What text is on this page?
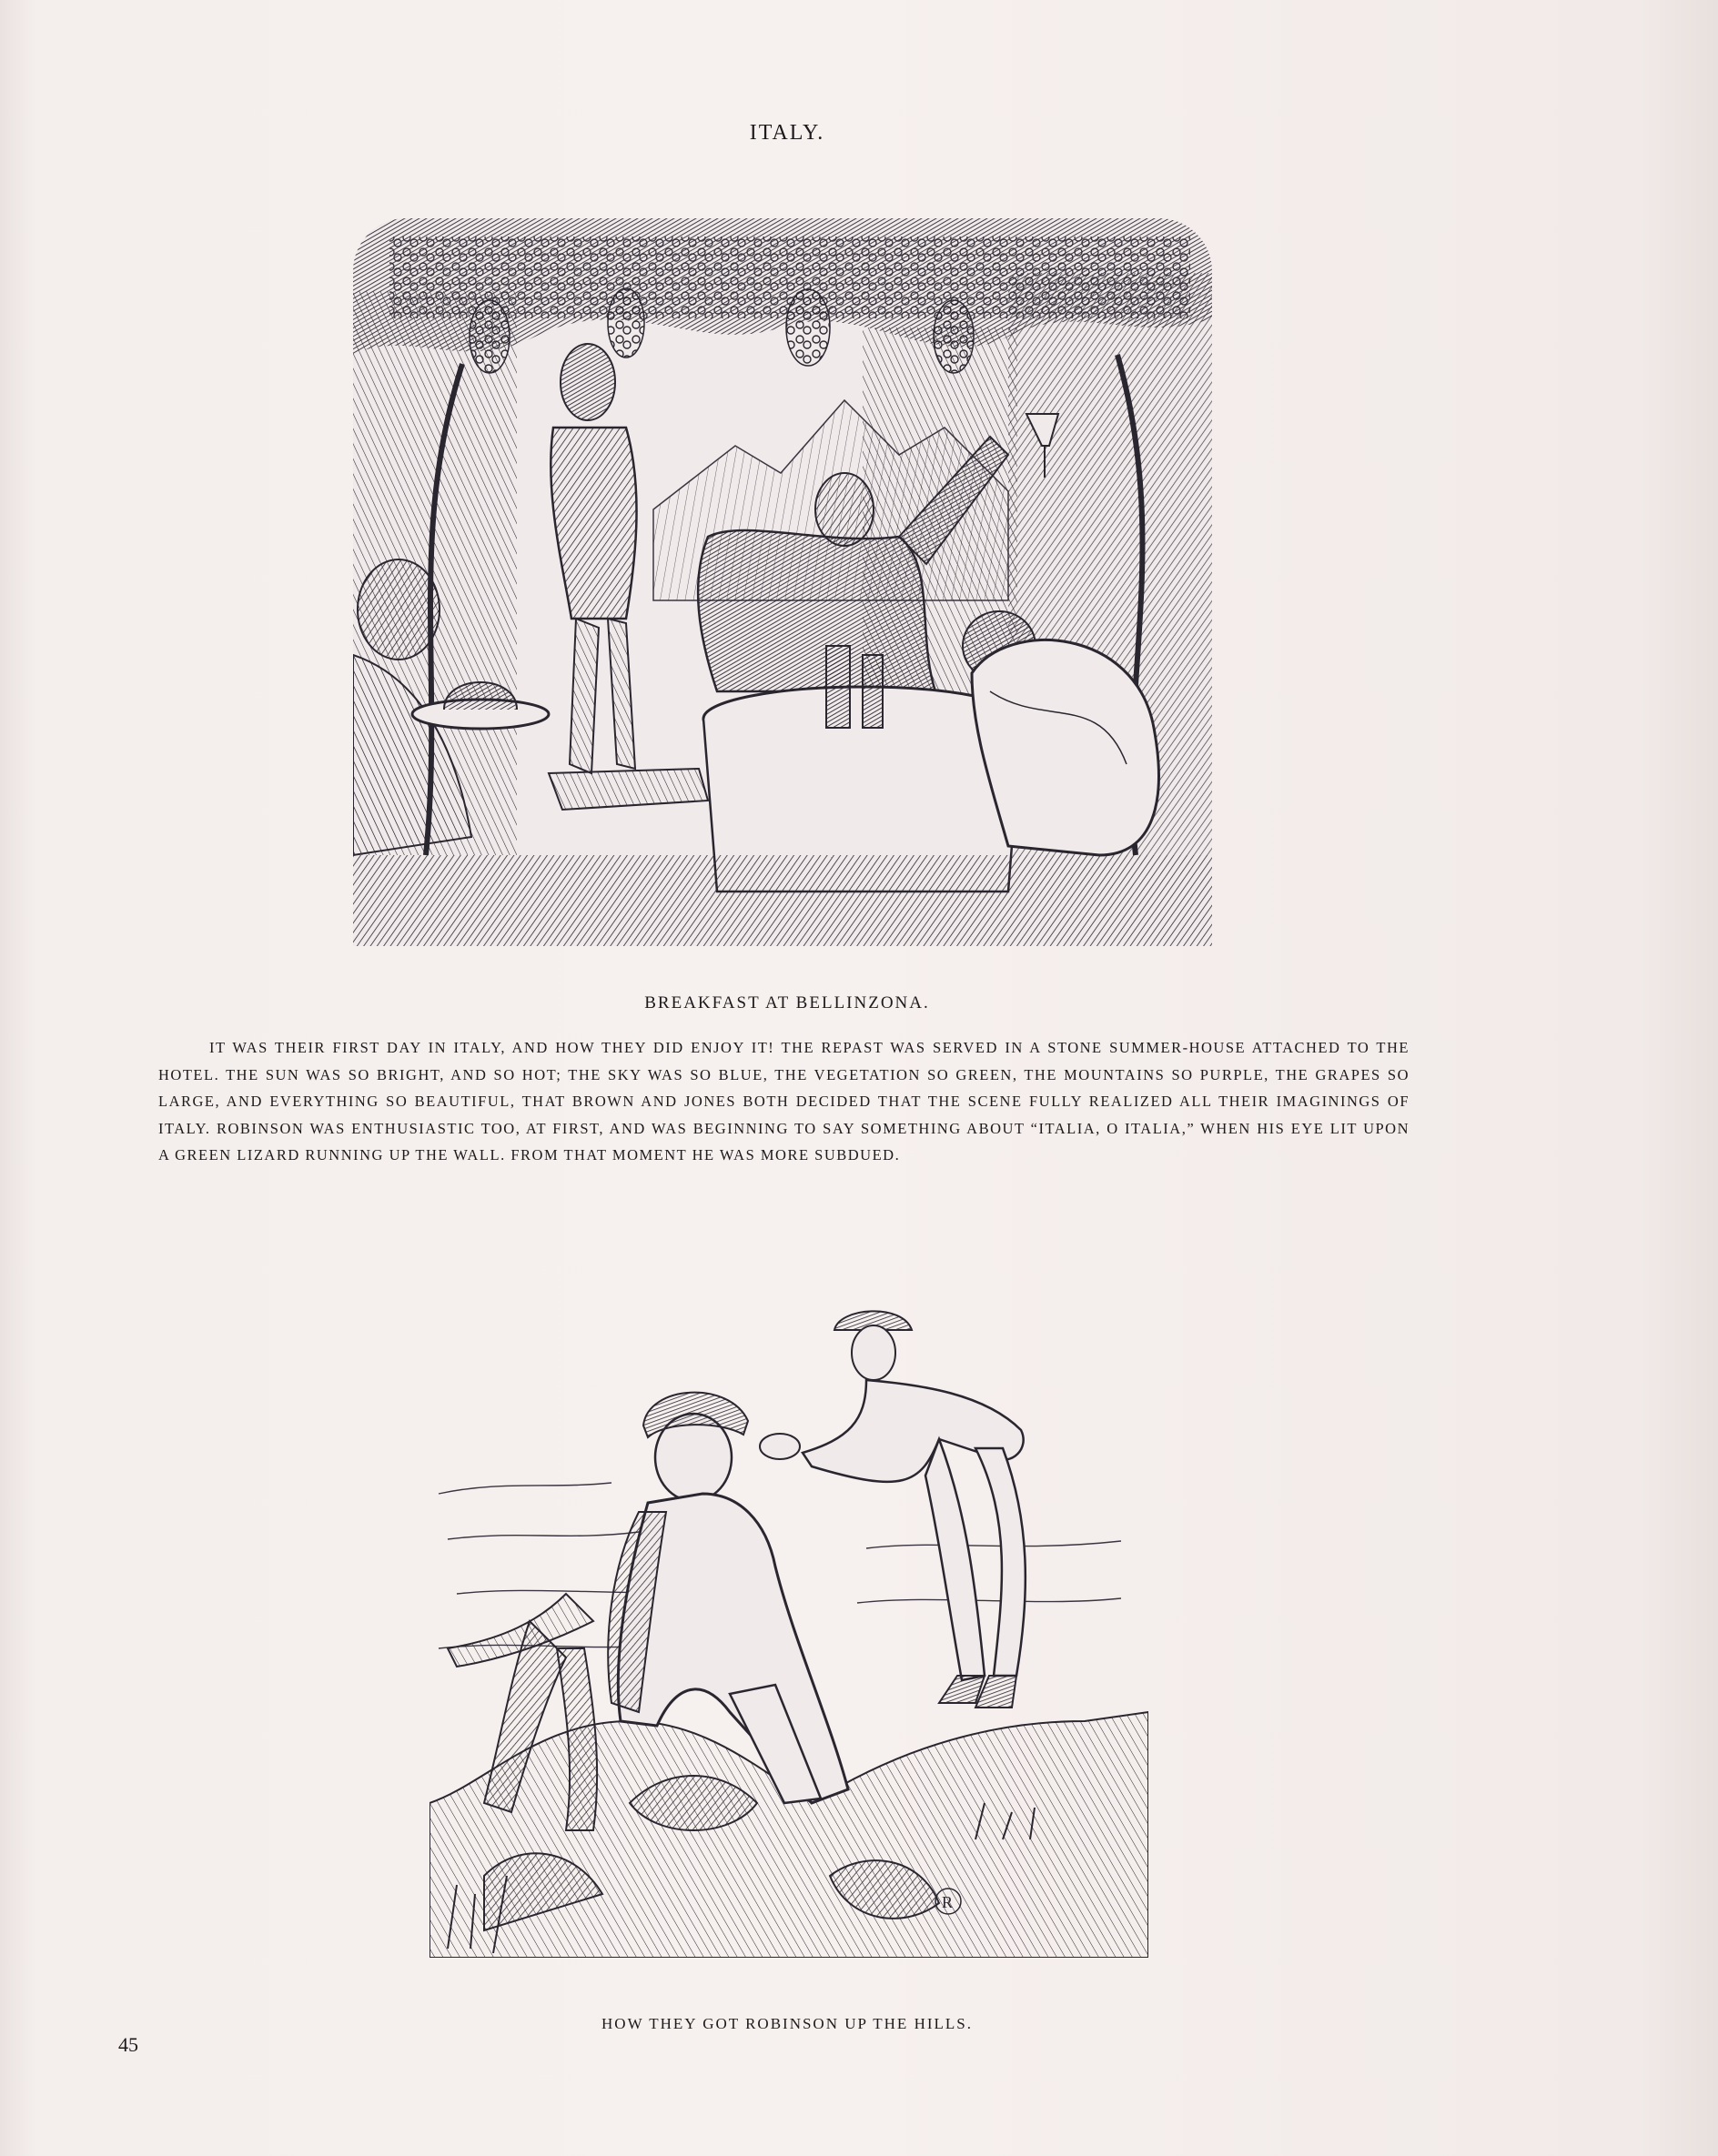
ITALY.
BREAKFAST AT BELLINZONA.

IT WAS THEIR FIRST DAY IN ITALY, AND HOW THEY DID ENJOY IT! THE REPAST WAS SERVED IN A STONE SUMMER-HOUSE ATTACHED TO THE HOTEL. THE SUN WAS SO BRIGHT, AND SO HOT; THE SKY WAS SO BLUE, THE VEGETATION SO GREEN, THE MOUNTAINS SO PURPLE, THE GRAPES SO LARGE, AND EVERYTHING SO BEAUTIFUL, THAT BROWN AND JONES BOTH DECIDED THAT THE SCENE FULLY REALIZED ALL THEIR IMAGININGS OF ITALY. ROBINSON WAS ENTHUSIASTIC TOO, AT FIRST, AND WAS BEGINNING TO SAY SOMETHING ABOUT “ITALIA, O ITALIA,” WHEN HIS EYE LIT UPON A GREEN LIZARD RUNNING UP THE WALL. FROM THAT MOMENT HE WAS MORE SUBDUED.

R
HOW THEY GOT ROBINSON UP THE HILLS.
45
